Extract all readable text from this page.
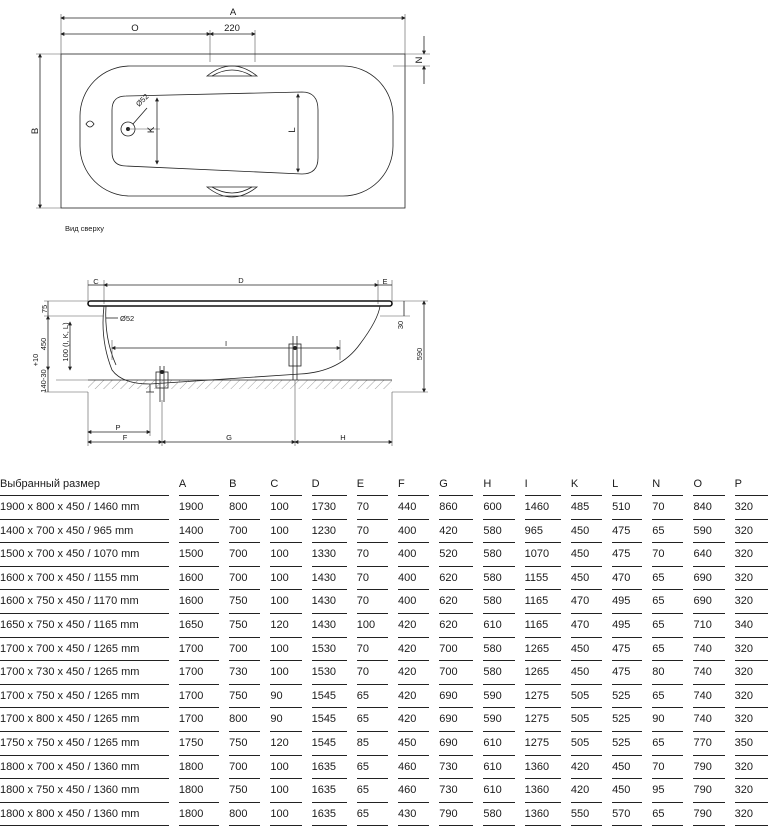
A
O	220
Ø52
K	L
B
N
Вид сверху
C	D	E
Ø52
I
75
450 100 (I, K, L)
140-30
+10
30
590
P
F	G	H
Выбранный размер		A		B		C		D		E		F		G		H		I		K		L		N		O		P
1900 x 800 x 450 / 1460 mm		1900		800		100		1730		70		440		860		600		1460		485		510		70		840		320
1400 x 700 x 450 / 965 mm		1400		700		100		1230		70		400		420		580		965		450		475		65		590		320
1500 x 700 x 450 / 1070 mm		1500		700		100		1330		70		400		520		580		1070		450		475		70		640		320
1600 x 700 x 450 / 1155 mm		1600		700		100		1430		70		400		620		580		1155		450		470		65		690		320
1600 x 750 x 450 / 1170 mm		1600		750		100		1430		70		400		620		580		1165		470		495		65		690		320
1650 x 750 x 450 / 1165 mm		1650		750		120		1430		100		420		620		610		1165		470		495		65		710		340
1700 x 700 x 450 / 1265 mm		1700		700		100		1530		70		420		700		580		1265		450		475		65		740		320
1700 x 730 x 450 / 1265 mm		1700		730		100		1530		70		420		700		580		1265		450		475		80		740		320
1700 x 750 x 450 / 1265 mm		1700		750		90		1545		65		420		690		590		1275		505		525		65		740		320
1700 x 800 x 450 / 1265 mm		1700		800		90		1545		65		420		690		590		1275		505		525		90		740		320
1750 x 750 x 450 / 1265 mm		1750		750		120		1545		85		450		690		610		1275		505		525		65		770		350
1800 x 700 x 450 / 1360 mm		1800		700		100		1635		65		460		730		610		1360		420		450		70		790		320
1800 x 750 x 450 / 1360 mm		1800		750		100		1635		65		460		730		610		1360		420		450		95		790		320
1800 x 800 x 450 / 1360 mm		1800		800		100		1635		65		430		790		580		1360		550		570		65		790		320
